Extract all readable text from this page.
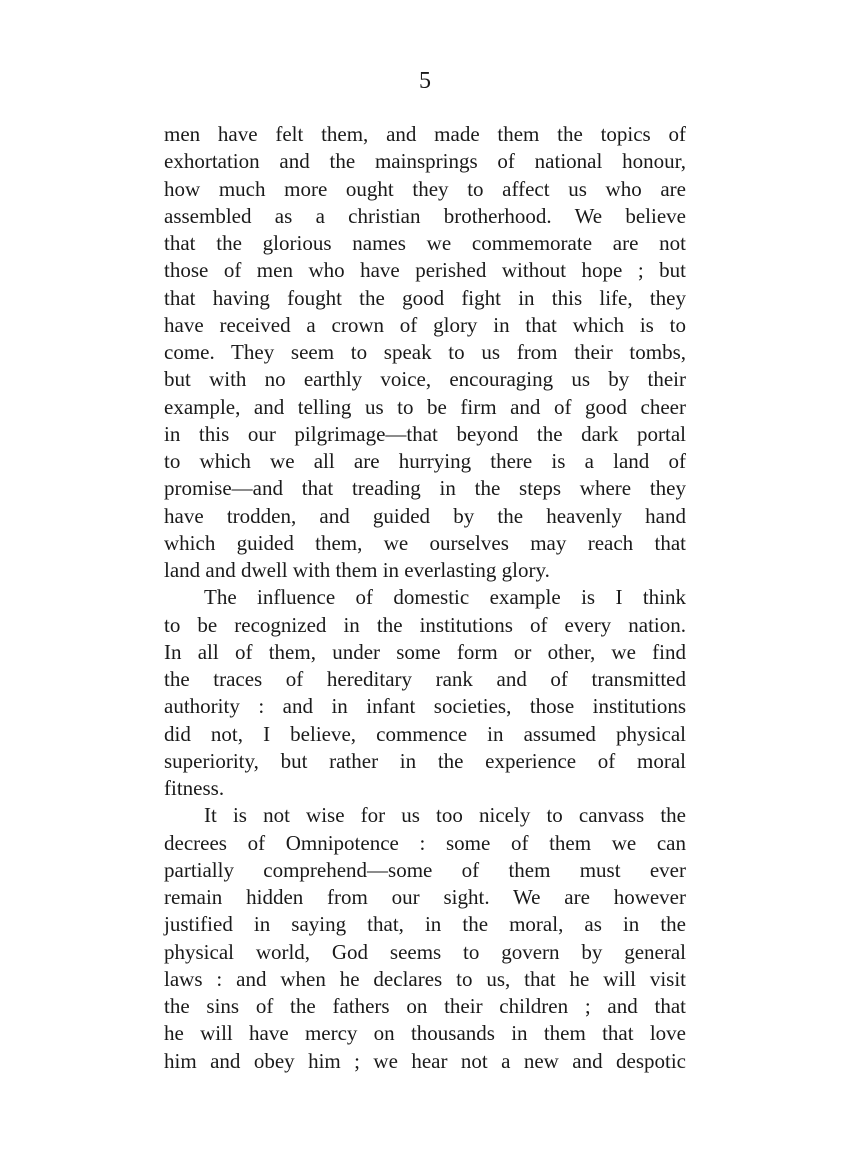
5
men have felt them, and made them the topics of
exhortation and the mainsprings of national honour,
how much more ought they to affect us who are
assembled as a christian brotherhood. We believe
that the glorious names we commemorate are not
those of men who have perished without hope ; but
that having fought the good fight in this life, they
have received a crown of glory in that which is to
come. They seem to speak to us from their tombs,
but with no earthly voice, encouraging us by their
example, and telling us to be firm and of good cheer
in this our pilgrimage—that beyond the dark portal
to which we all are hurrying there is a land of
promise—and that treading in the steps where they
have trodden, and guided by the heavenly hand
which guided them, we ourselves may reach that
land and dwell with them in everlasting glory.
The influence of domestic example is I think
to be recognized in the institutions of every nation.
In all of them, under some form or other, we find
the traces of hereditary rank and of transmitted
authority : and in infant societies, those institutions
did not, I believe, commence in assumed physical
superiority, but rather in the experience of moral
fitness.
It is not wise for us too nicely to canvass the
decrees of Omnipotence : some of them we can
partially comprehend—some of them must ever
remain hidden from our sight. We are however
justified in saying that, in the moral, as in the
physical world, God seems to govern by general
laws : and when he declares to us, that he will visit
the sins of the fathers on their children ; and that
he will have mercy on thousands in them that love
him and obey him ; we hear not a new and despotic
